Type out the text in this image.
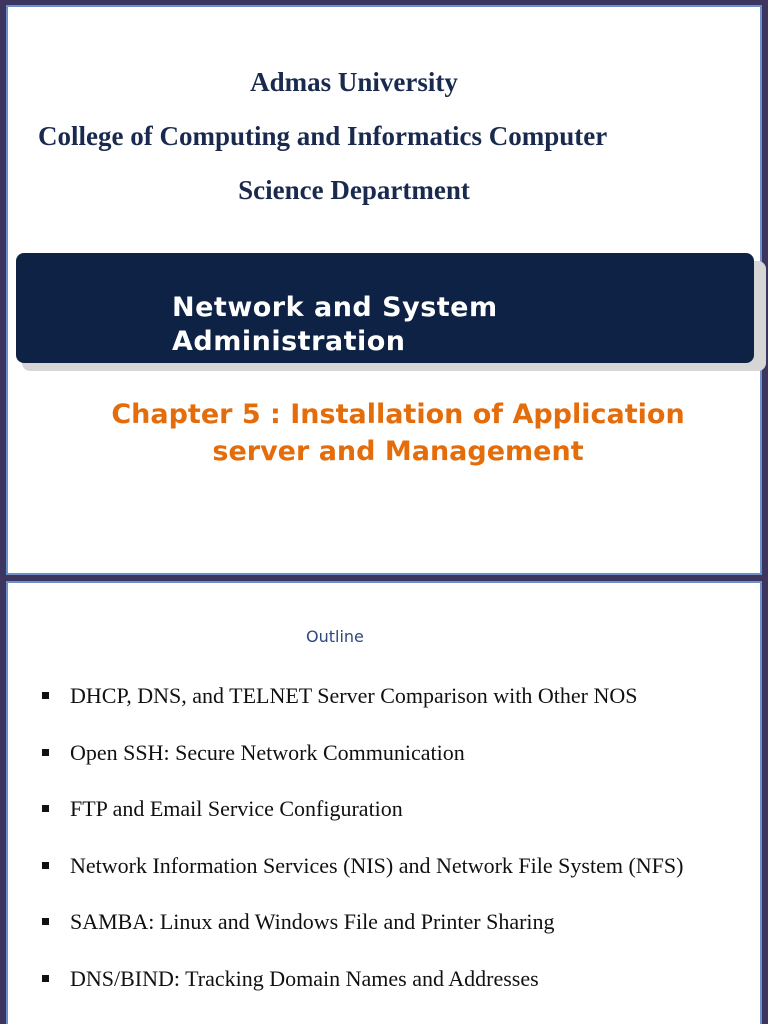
Admas University
College of Computing and Informatics Computer
Science Department
Network and System
Administration
Chapter 5 : Installation of Application
server and Management
Outline
DHCP, DNS, and TELNET Server Comparison with Other NOS
Open SSH: Secure Network Communication
FTP and Email Service Configuration
Network Information Services (NIS) and Network File System (NFS)
SAMBA: Linux and Windows File and Printer Sharing
DNS/BIND: Tracking Domain Names and Addresses
